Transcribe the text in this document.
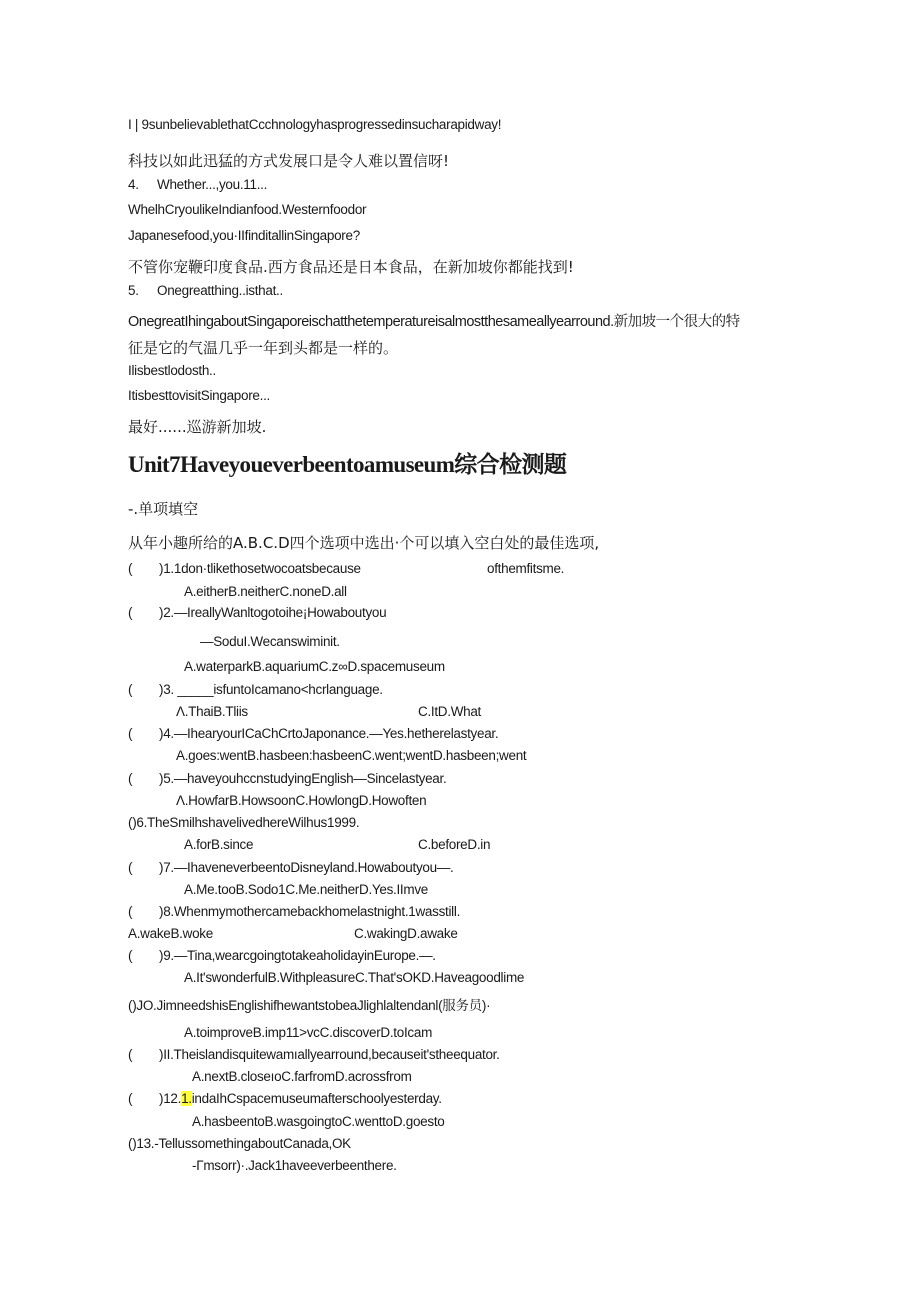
I | 9sunbelievablethatCcchnologyhasprogressedinsucharapidway!
科技以如此迅猛的方式发展口是令人难以置信呀!
4. Whether...,you.11...
WhelhCryoulikeIndianfood.Westernfoodor
Japanesefood,you·IIfinditallinSingapore?
不管你宠鞭印度食品.西方食品还是日本食品，在新加坡你都能找到!
5. Onegreatthing..isthat..
OnegreatIhingaboutSingaporeischatthetemperatureisalmostthesameallyearround.新加坡一个很大的特
征是它的气温几乎一年到头都是一样的。
Ilisbestlodosth..
ItisbesttovisitSingapore...
最好......巡游新加坡.
Unit7Haveyoueverbeentoamuseum综合检测题
-.单项填空
从年小趣所给的A.B.C.D四个选项中选出·个可以填入空白处的最佳选项,
( )1.1don·tlikethosetwocoatsbecause	ofthemfitsme.
A.eitherB.neitherC.noneD.all
( )2.—IreallyWanltogotoihe¡Howaboutyou
—SoduI.Wecanswiminit.
A.waterparkB.aquariumC.z∞D.spacemuseum
( )3. _____isfuntoIcamano<hcrlanguage.
Λ.ThaiB.Tliis	C.ItD.What
( )4.—IhearyourICaChCrtoJaponance.—Yes.hetherelastyear.
A.goes:wentB.hasbeen:hasbeenC.went;wentD.hasbeen;went
( )5.—haveyouhccnstudyingEnglish—Sincelastyear.
Λ.HowfarB.HowsoonC.HowlongD.Howoften
()6.TheSmilhshavelivedhereWilhus1999.
A.forB.since	C.beforeD.in
( )7.—IhaveneverbeentoDisneyland.Howaboutyou—.
A.Me.tooB.Sodo1C.Me.neitherD.Yes.IImve
( )8.Whenmymothercamebackhomelastnight.1wasstill.
A.wakeB.woke	C.wakingD.awake
( )9.—Tina,wearcgoingtotakeaholidayinEurope.—.
A.It'swonderfulB.WithpleasureC.That'sOKD.Haveagoodlime
()JO.JimneedshisEnglishifhewantstobeaJlighlaltendanl(服务员)·
A.toimproveB.imp11>vcC.discoverD.toIcam
( )II.Theislandisquitewamıallyearround,becauseit'stheequator.
A.nextB.closeıoC.farfromD.acrossfrom
( )12.1.indaIhCspacemuseumafterschoolyesterday.
A.hasbeentoB.wasgoingtoC.wenttoD.goesto
()13.-TellussomethingaboutCanada,OK
-Γmsorr)·.Jack1haveeverbeenthere.
